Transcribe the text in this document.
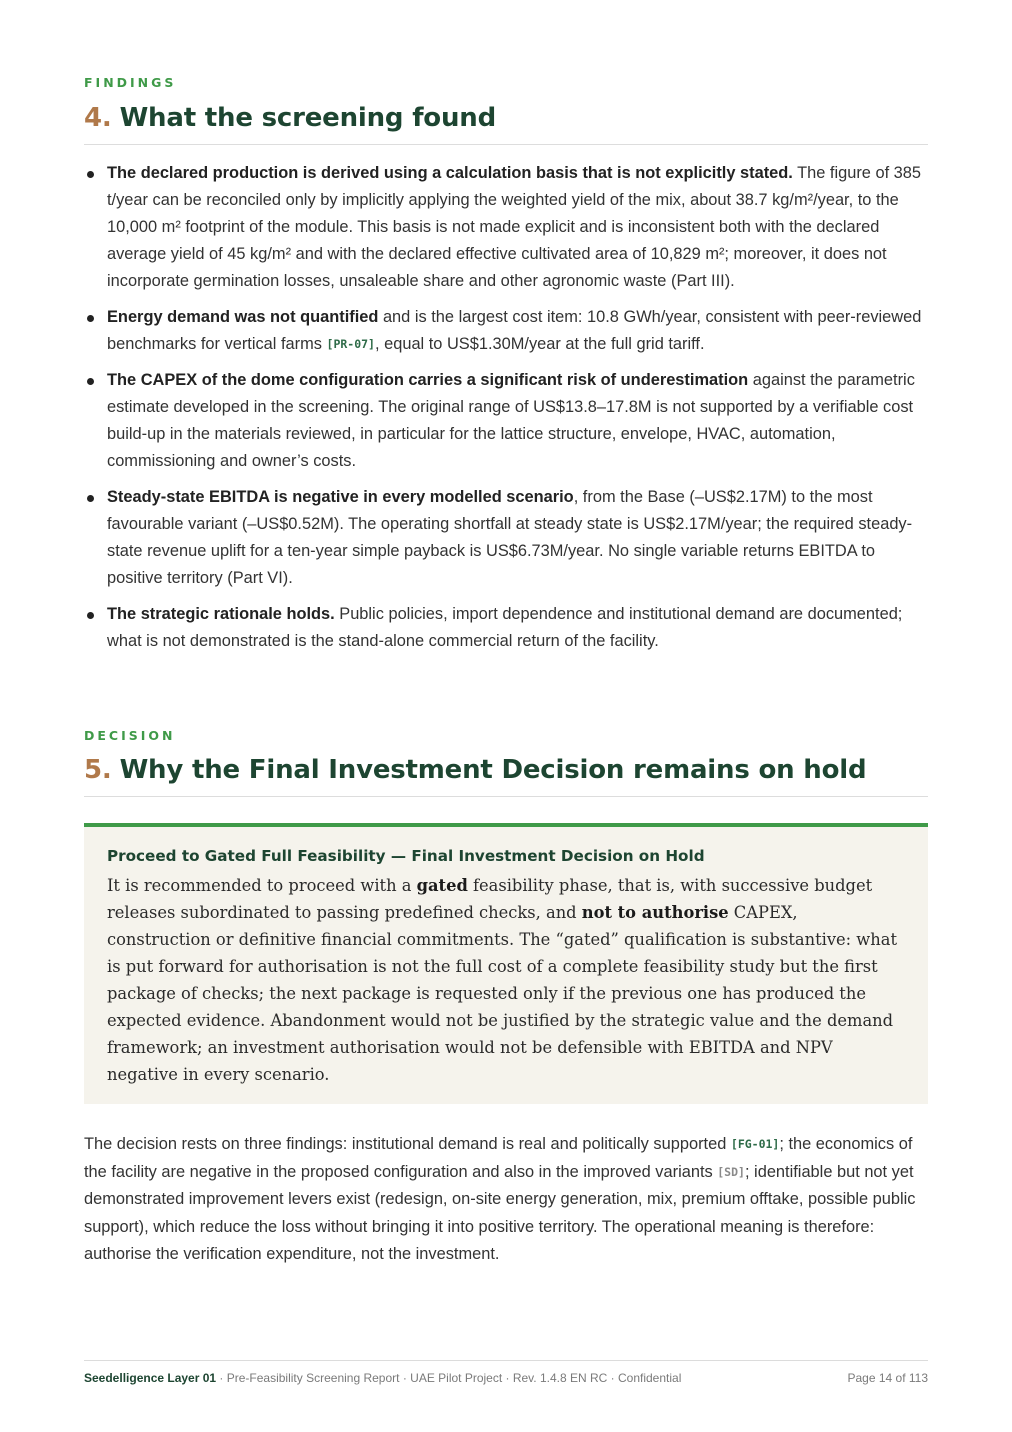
FINDINGS
4. What the screening found
The declared production is derived using a calculation basis that is not explicitly stated. The figure of 385 t/year can be reconciled only by implicitly applying the weighted yield of the mix, about 38.7 kg/m²/year, to the 10,000 m² footprint of the module. This basis is not made explicit and is inconsistent both with the declared average yield of 45 kg/m² and with the declared effective cultivated area of 10,829 m²; moreover, it does not incorporate germination losses, unsaleable share and other agronomic waste (Part III).
Energy demand was not quantified and is the largest cost item: 10.8 GWh/year, consistent with peer-reviewed benchmarks for vertical farms [PR-07], equal to US$1.30M/year at the full grid tariff.
The CAPEX of the dome configuration carries a significant risk of underestimation against the parametric estimate developed in the screening. The original range of US$13.8–17.8M is not supported by a verifiable cost build-up in the materials reviewed, in particular for the lattice structure, envelope, HVAC, automation, commissioning and owner’s costs.
Steady-state EBITDA is negative in every modelled scenario, from the Base (–US$2.17M) to the most favourable variant (–US$0.52M). The operating shortfall at steady state is US$2.17M/year; the required steady-state revenue uplift for a ten-year simple payback is US$6.73M/year. No single variable returns EBITDA to positive territory (Part VI).
The strategic rationale holds. Public policies, import dependence and institutional demand are documented; what is not demonstrated is the stand-alone commercial return of the facility.
DECISION
5. Why the Final Investment Decision remains on hold
Proceed to Gated Full Feasibility — Final Investment Decision on Hold
It is recommended to proceed with a gated feasibility phase, that is, with successive budget releases subordinated to passing predefined checks, and not to authorise CAPEX, construction or definitive financial commitments. The “gated” qualification is substantive: what is put forward for authorisation is not the full cost of a complete feasibility study but the first package of checks; the next package is requested only if the previous one has produced the expected evidence. Abandonment would not be justified by the strategic value and the demand framework; an investment authorisation would not be defensible with EBITDA and NPV negative in every scenario.
The decision rests on three findings: institutional demand is real and politically supported [FG-01]; the economics of the facility are negative in the proposed configuration and also in the improved variants [SD]; identifiable but not yet demonstrated improvement levers exist (redesign, on-site energy generation, mix, premium offtake, possible public support), which reduce the loss without bringing it into positive territory. The operational meaning is therefore: authorise the verification expenditure, not the investment.
Seedelligence Layer 01 · Pre-Feasibility Screening Report · UAE Pilot Project · Rev. 1.4.8 EN RC · Confidential	Page 14 of 113
